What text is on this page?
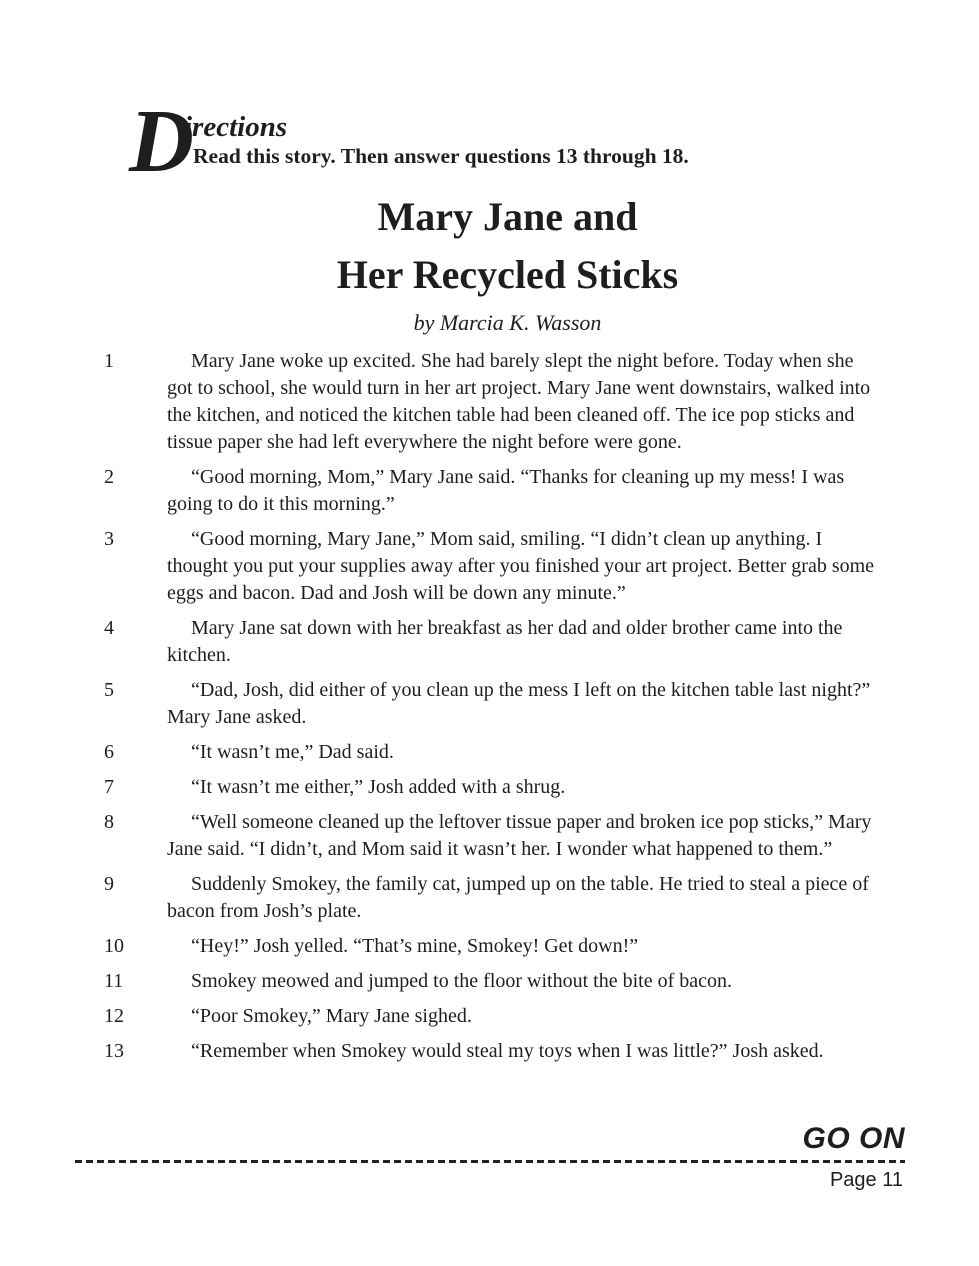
D
irections

Read this story. Then answer questions 13 through 18.

Mary Jane and
Her Recycled Sticks

by Marcia K. Wasson

1	Mary Jane woke up excited. She had barely slept the night before. Today when she got to school, she would turn in her art project. Mary Jane went downstairs, walked into the kitchen, and noticed the kitchen table had been cleaned off. The ice pop sticks and tissue paper she had left everywhere the night before were gone.
2	“Good morning, Mom,” Mary Jane said. “Thanks for cleaning up my mess! I was going to do it this morning.”
3	“Good morning, Mary Jane,” Mom said, smiling. “I didn’t clean up anything. I thought you put your supplies away after you finished your art project. Better grab some eggs and bacon. Dad and Josh will be down any minute.”
4	Mary Jane sat down with her breakfast as her dad and older brother came into the kitchen.
5	“Dad, Josh, did either of you clean up the mess I left on the kitchen table last night?” Mary Jane asked.
6	“It wasn’t me,” Dad said.
7	“It wasn’t me either,” Josh added with a shrug.
8	“Well someone cleaned up the leftover tissue paper and broken ice pop sticks,” Mary Jane said. “I didn’t, and Mom said it wasn’t her. I wonder what happened to them.”
9	Suddenly Smokey, the family cat, jumped up on the table. He tried to steal a piece of bacon from Josh’s plate.
10	“Hey!” Josh yelled. “That’s mine, Smokey! Get down!”
11	Smokey meowed and jumped to the floor without the bite of bacon.
12	“Poor Smokey,” Mary Jane sighed.
13	“Remember when Smokey would steal my toys when I was little?” Josh asked.
GO ON
Page 11
